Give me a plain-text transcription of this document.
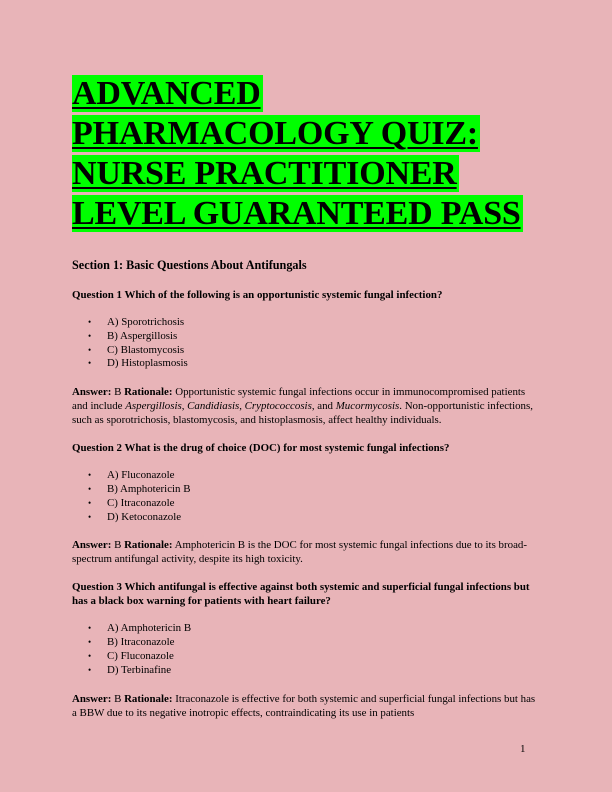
ADVANCED PHARMACOLOGY QUIZ: NURSE PRACTITIONER LEVEL GUARANTEED PASS
Section 1: Basic Questions About Antifungals
Question 1 Which of the following is an opportunistic systemic fungal infection?
• A) Sporotrichosis
• B) Aspergillosis
• C) Blastomycosis
• D) Histoplasmosis
Answer: B Rationale: Opportunistic systemic fungal infections occur in immunocompromised patients and include Aspergillosis, Candidiasis, Cryptococcosis, and Mucormycosis. Non-opportunistic infections, such as sporotrichosis, blastomycosis, and histoplasmosis, affect healthy individuals.
Question 2 What is the drug of choice (DOC) for most systemic fungal infections?
• A) Fluconazole
• B) Amphotericin B
• C) Itraconazole
• D) Ketoconazole
Answer: B Rationale: Amphotericin B is the DOC for most systemic fungal infections due to its broad-spectrum antifungal activity, despite its high toxicity.
Question 3 Which antifungal is effective against both systemic and superficial fungal infections but has a black box warning for patients with heart failure?
• A) Amphotericin B
• B) Itraconazole
• C) Fluconazole
• D) Terbinafine
Answer: B Rationale: Itraconazole is effective for both systemic and superficial fungal infections but has a BBW due to its negative inotropic effects, contraindicating its use in patients
1
